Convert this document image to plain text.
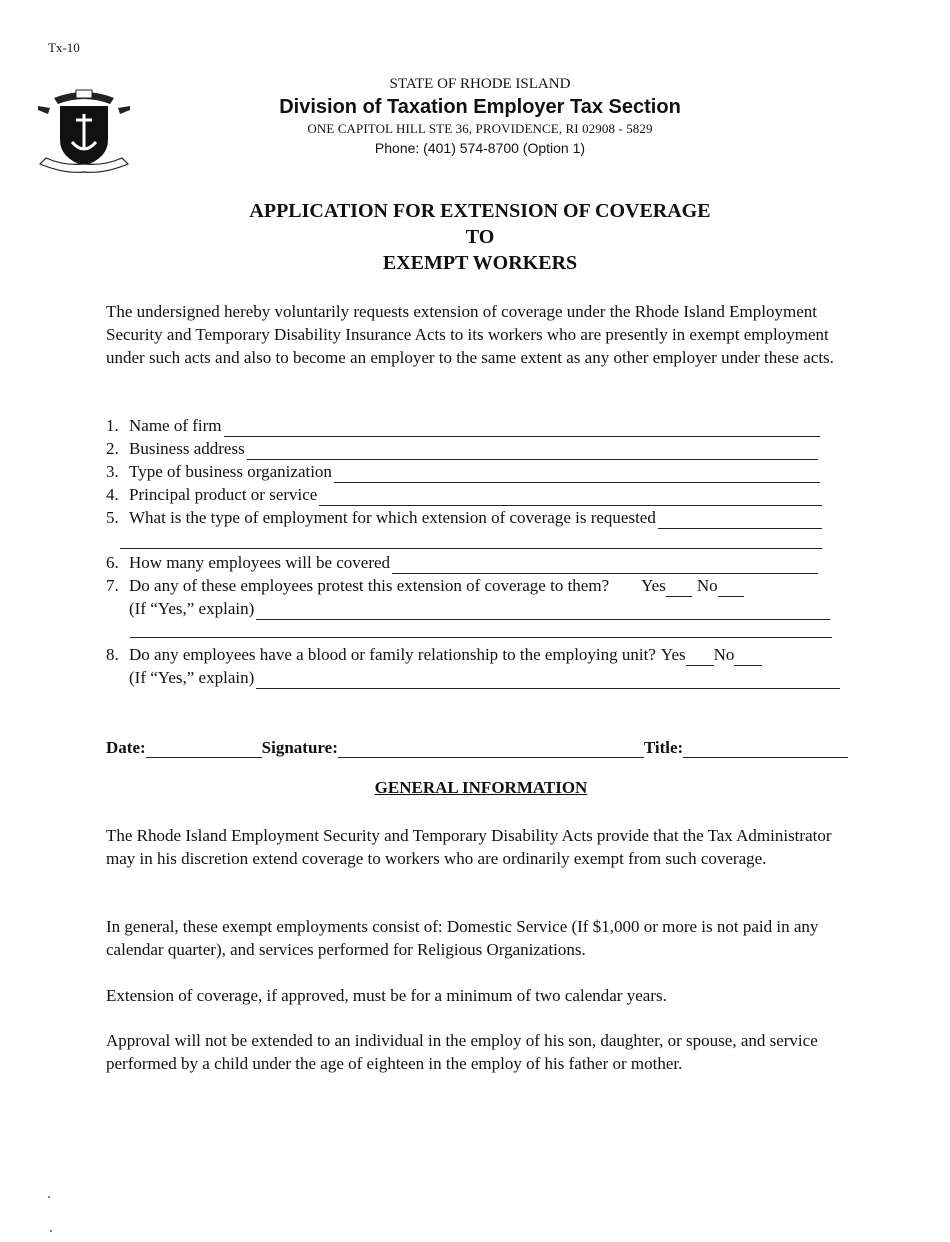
Tx-10
STATE OF RHODE ISLAND
Division of Taxation Employer Tax Section
ONE CAPITOL HILL STE 36, PROVIDENCE, RI 02908 - 5829
Phone: (401) 574-8700 (Option 1)
APPLICATION FOR EXTENSION OF COVERAGE
TO
EXEMPT WORKERS
The undersigned hereby voluntarily requests extension of coverage under the Rhode Island Employment Security and Temporary Disability Insurance Acts to its workers who are presently in exempt employment under such acts and also to become an employer to the same extent as any other employer under these acts.
1. Name of firm
2. Business address
3. Type of business organization
4. Principal product or service
5. What is the type of employment for which extension of coverage is requested
6. How many employees will be covered
7. Do any of these employees protest this extension of coverage to them? Yes No
(If “Yes,” explain)
8. Do any employees have a blood or family relationship to the employing unit? Yes No
(If “Yes,” explain)
Date:	Signature:	Title:
GENERAL INFORMATION
The Rhode Island Employment Security and Temporary Disability Acts provide that the Tax Administrator may in his discretion extend coverage to workers who are ordinarily exempt from such coverage.
In general, these exempt employments consist of: Domestic Service (If $1,000 or more is not paid in any calendar quarter), and services performed for Religious Organizations.
Extension of coverage, if approved, must be for a minimum of two calendar years.
Approval will not be extended to an individual in the employ of his son, daughter, or spouse, and service performed by a child under the age of eighteen in the employ of his father or mother.
